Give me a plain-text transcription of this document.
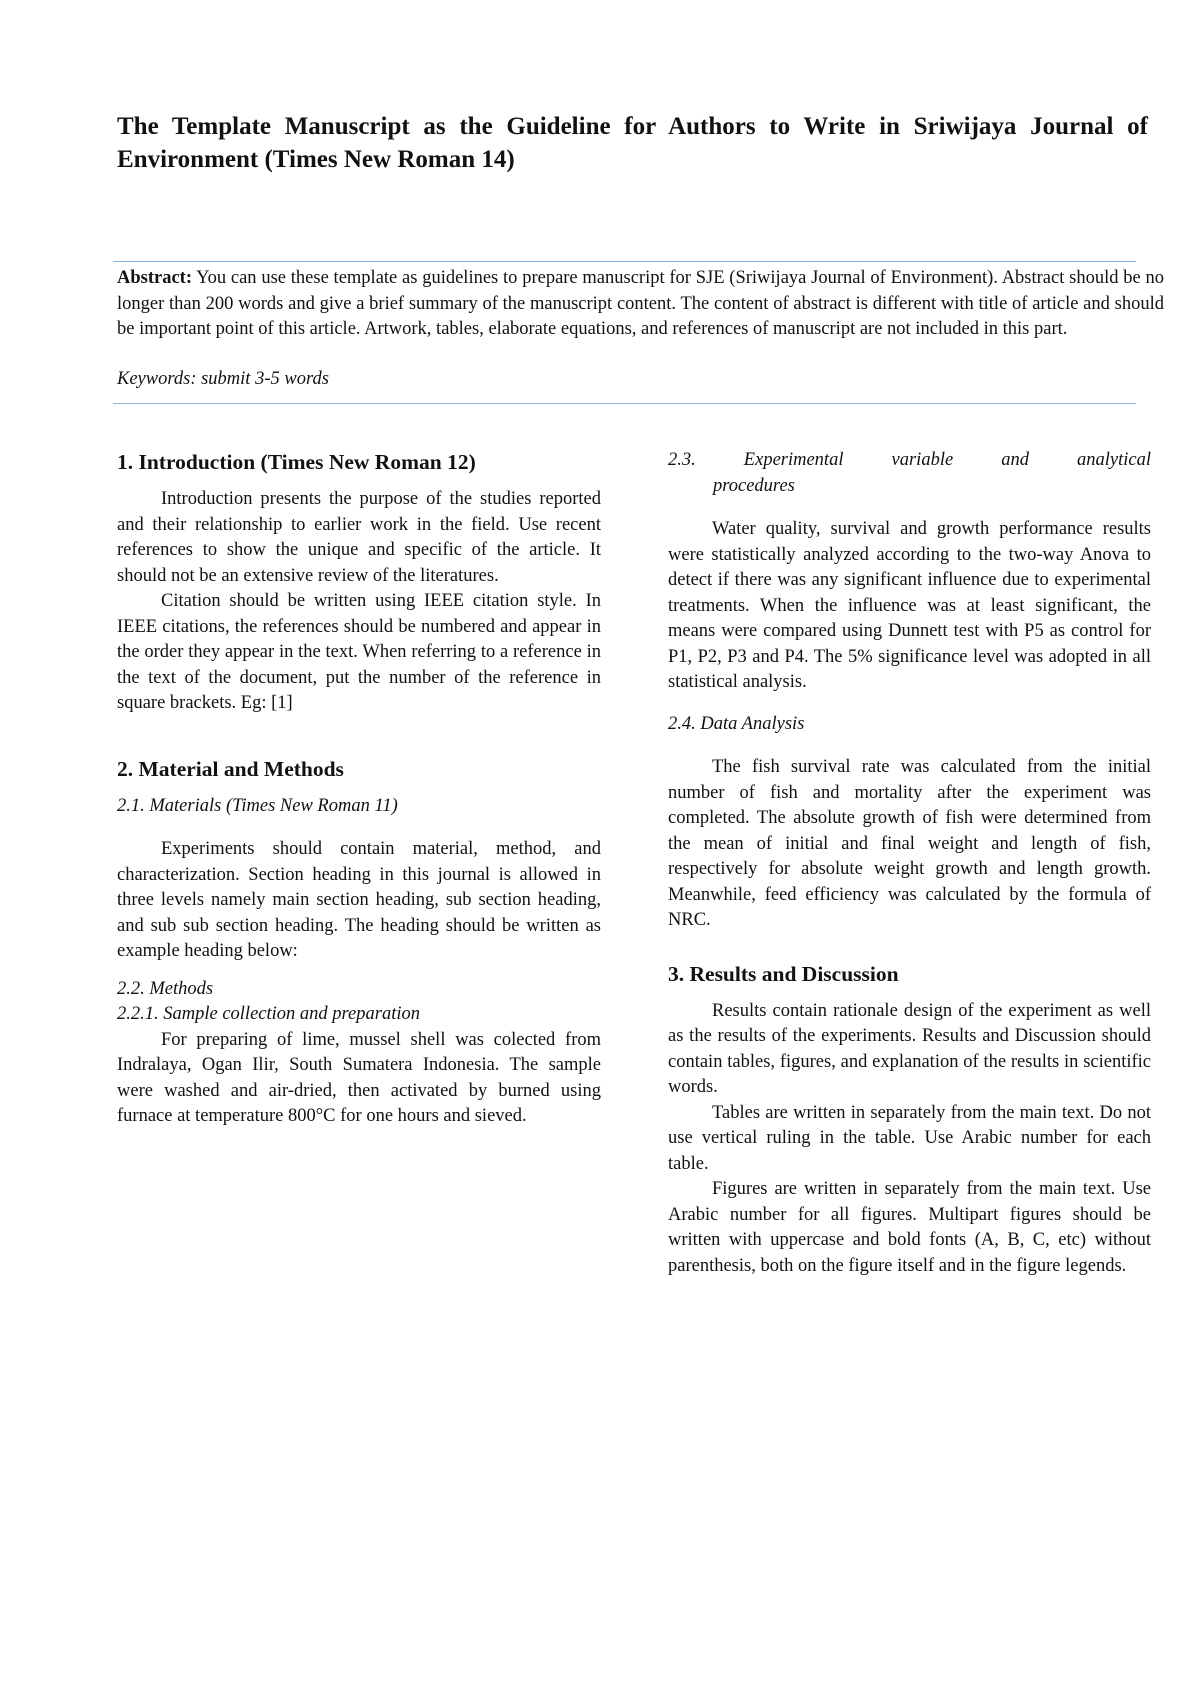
The Template Manuscript as the Guideline for Authors to Write in Sriwijaya Journal of Environment (Times New Roman 14)

Abstract: You can use these template as guidelines to prepare manuscript for SJE (Sriwijaya Journal of Environment). Abstract should be no longer than 200 words and give a brief summary of the manuscript content. The content of abstract is different with title of article and should be important point of this article. Artwork, tables, elaborate equations, and references of manuscript are not included in this part.

Keywords: submit 3-5 words

1. Introduction (Times New Roman 12)

Introduction presents the purpose of the studies reported and their relationship to earlier work in the field. Use recent references to show the unique and specific of the article. It should not be an extensive review of the literatures.

Citation should be written using IEEE citation style. In IEEE citations, the references should be numbered and appear in the order they appear in the text. When referring to a reference in the text of the document, put the number of the reference in square brackets. Eg: [1]

2. Material and Methods

2.1. Materials (Times New Roman 11)

Experiments should contain material, method, and characterization. Section heading in this journal is allowed in three levels namely main section heading, sub section heading, and sub sub section heading. The heading should be written as example heading below:

2.2. Methods

2.2.1. Sample collection and preparation

For preparing of lime, mussel shell was colected from Indralaya, Ogan Ilir, South Sumatera Indonesia. The sample were washed and air-dried, then activated by burned using furnace at temperature 800°C for one hours and sieved.

2.3. Experimental variable and analytical

procedures

Water quality, survival and growth performance results were statistically analyzed according to the two-way Anova to detect if there was any significant influence due to experimental treatments. When the influence was at least significant, the means were compared using Dunnett test with P5 as control for P1, P2, P3 and P4. The 5% significance level was adopted in all statistical analysis.

2.4. Data Analysis

The fish survival rate was calculated from the initial number of fish and mortality after the experiment was completed. The absolute growth of fish were determined from the mean of initial and final weight and length of fish, respectively for absolute weight growth and length growth. Meanwhile, feed efficiency was calculated by the formula of NRC.

3. Results and Discussion

Results contain rationale design of the experiment as well as the results of the experiments. Results and Discussion should contain tables, figures, and explanation of the results in scientific words.

Tables are written in separately from the main text. Do not use vertical ruling in the table. Use Arabic number for each table.

Figures are written in separately from the main text. Use Arabic number for all figures. Multipart figures should be written with uppercase and bold fonts (A, B, C, etc) without parenthesis, both on the figure itself and in the figure legends.
